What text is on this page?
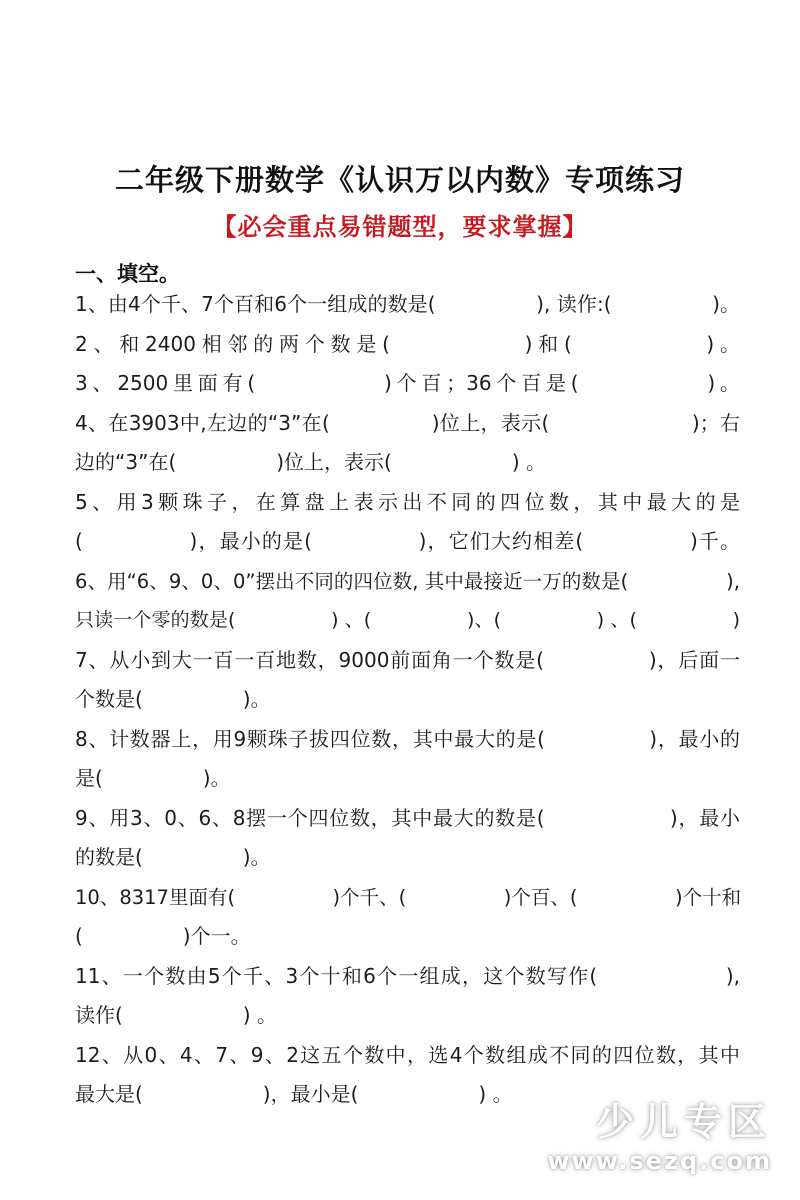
二年级下册数学《认识万以内数》专项练习
【必会重点易错题型，要求掌握】
一、填空。
1、由4个千、7个百和6个一组成的数是(　　　　　), 读作:(　　　　　)。
2、和2400相邻的两个数是(　　　　　)和(　　　　　)。
3、2500里面有(　　　　　)个百；36个百是(　　　　　)。
4、在3903中,左边的“3”在(　　　　　)位上，表示(　　　　　　　)；右
边的“3”在(　　　　　)位上，表示(　　　　　　) 。
5、用3颗珠子，在算盘上表示出不同的四位数，其中最大的是
(　　　　　)，最小的是(　　　　　)，它们大约相差(　　　　　)千。
6、用“6、9、0、0”摆出不同的四位数, 其中最接近一万的数是(　　　　　),
只读一个零的数是(　　　　　) 、(　　　　　)、(　　　　　) 、(　　　　　)
7、从小到大一百一百地数，9000前面角一个数是(　　　　　)，后面一
个数是(　　　　　)。
8、计数器上，用9颗珠子拔四位数，其中最大的是(　　　　　)，最小的
是(　　　　　)。
9、用3、0、6、8摆一个四位数，其中最大的数是(　　　　　　)，最小
的数是(　　　　　)。
10、8317里面有(　　　　　)个千、(　　　　　)个百、(　　　　　)个十和
(　　　　　)个一。
11、一个数由5个千、3个十和6个一组成，这个数写作(　　　　　　),
读作(　　　　　　) 。
12、从0、4、7、9、2这五个数中，选4个数组成不同的四位数，其中
最大是(　　　　　　)，最小是(　　　　　　) 。
少儿专区
www.sezq.com
